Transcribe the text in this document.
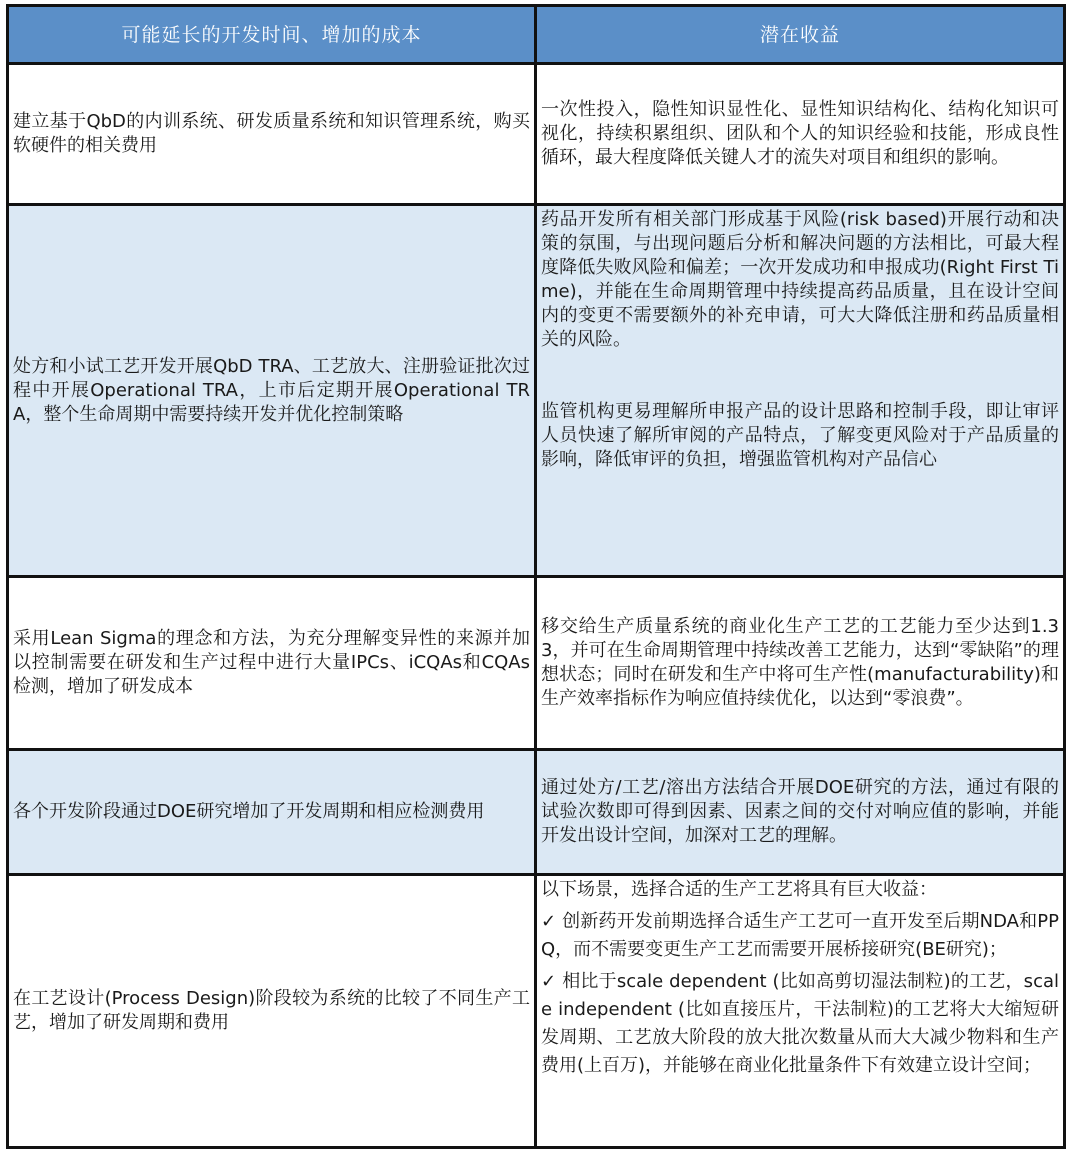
可能延长的开发时间、增加的成本	潜在收益

建立基于QbD的内训系统、研发质量系统和知识管理系统，购买软硬件的相关费用	一次性投入，隐性知识显性化、显性知识结构化、结构化知识可视化，持续积累组织、团队和个人的知识经验和技能，形成良性循环，最大程度降低关键人才的流失对项目和组织的影响。

处方和小试工艺开发开展QbD TRA、工艺放大、注册验证批次过程中开展Operational TRA，上市后定期开展Operational TRA，整个生命周期中需要持续开发并优化控制策略	药品开发所有相关部门形成基于风险(risk based)开展行动和决策的氛围，与出现问题后分析和解决问题的方法相比，可最大程度降低失败风险和偏差；一次开发成功和申报成功(Right First Time)，并能在生命周期管理中持续提高药品质量，且在设计空间内的变更不需要额外的补充申请，可大大降低注册和药品质量相关的风险。

监管机构更易理解所申报产品的设计思路和控制手段，即让审评人员快速了解所审阅的产品特点，了解变更风险对于产品质量的影响，降低审评的负担，增强监管机构对产品信心

采用Lean Sigma的理念和方法，为充分理解变异性的来源并加以控制需要在研发和生产过程中进行大量IPCs、iCQAs和CQAs检测，增加了研发成本	移交给生产质量系统的商业化生产工艺的工艺能力至少达到1.33，并可在生命周期管理中持续改善工艺能力，达到“零缺陷”的理想状态；同时在研发和生产中将可生产性(manufacturability)和生产效率指标作为响应值持续优化，以达到“零浪费”。

各个开发阶段通过DOE研究增加了开发周期和相应检测费用	通过处方/工艺/溶出方法结合开展DOE研究的方法，通过有限的试验次数即可得到因素、因素之间的交付对响应值的影响，并能开发出设计空间，加深对工艺的理解。

在工艺设计(Process Design)阶段较为系统的比较了不同生产工艺，增加了研发周期和费用	以下场景，选择合适的生产工艺将具有巨大收益：

✓ 创新药开发前期选择合适生产工艺可一直开发至后期NDA和PPQ，而不需要变更生产工艺而需要开展桥接研究(BE研究)；

✓ 相比于scale dependent (比如高剪切湿法制粒)的工艺，scale independent (比如直接压片，干法制粒)的工艺将大大缩短研发周期、工艺放大阶段的放大批次数量从而大大减少物料和生产费用(上百万)，并能够在商业化批量条件下有效建立设计空间；
